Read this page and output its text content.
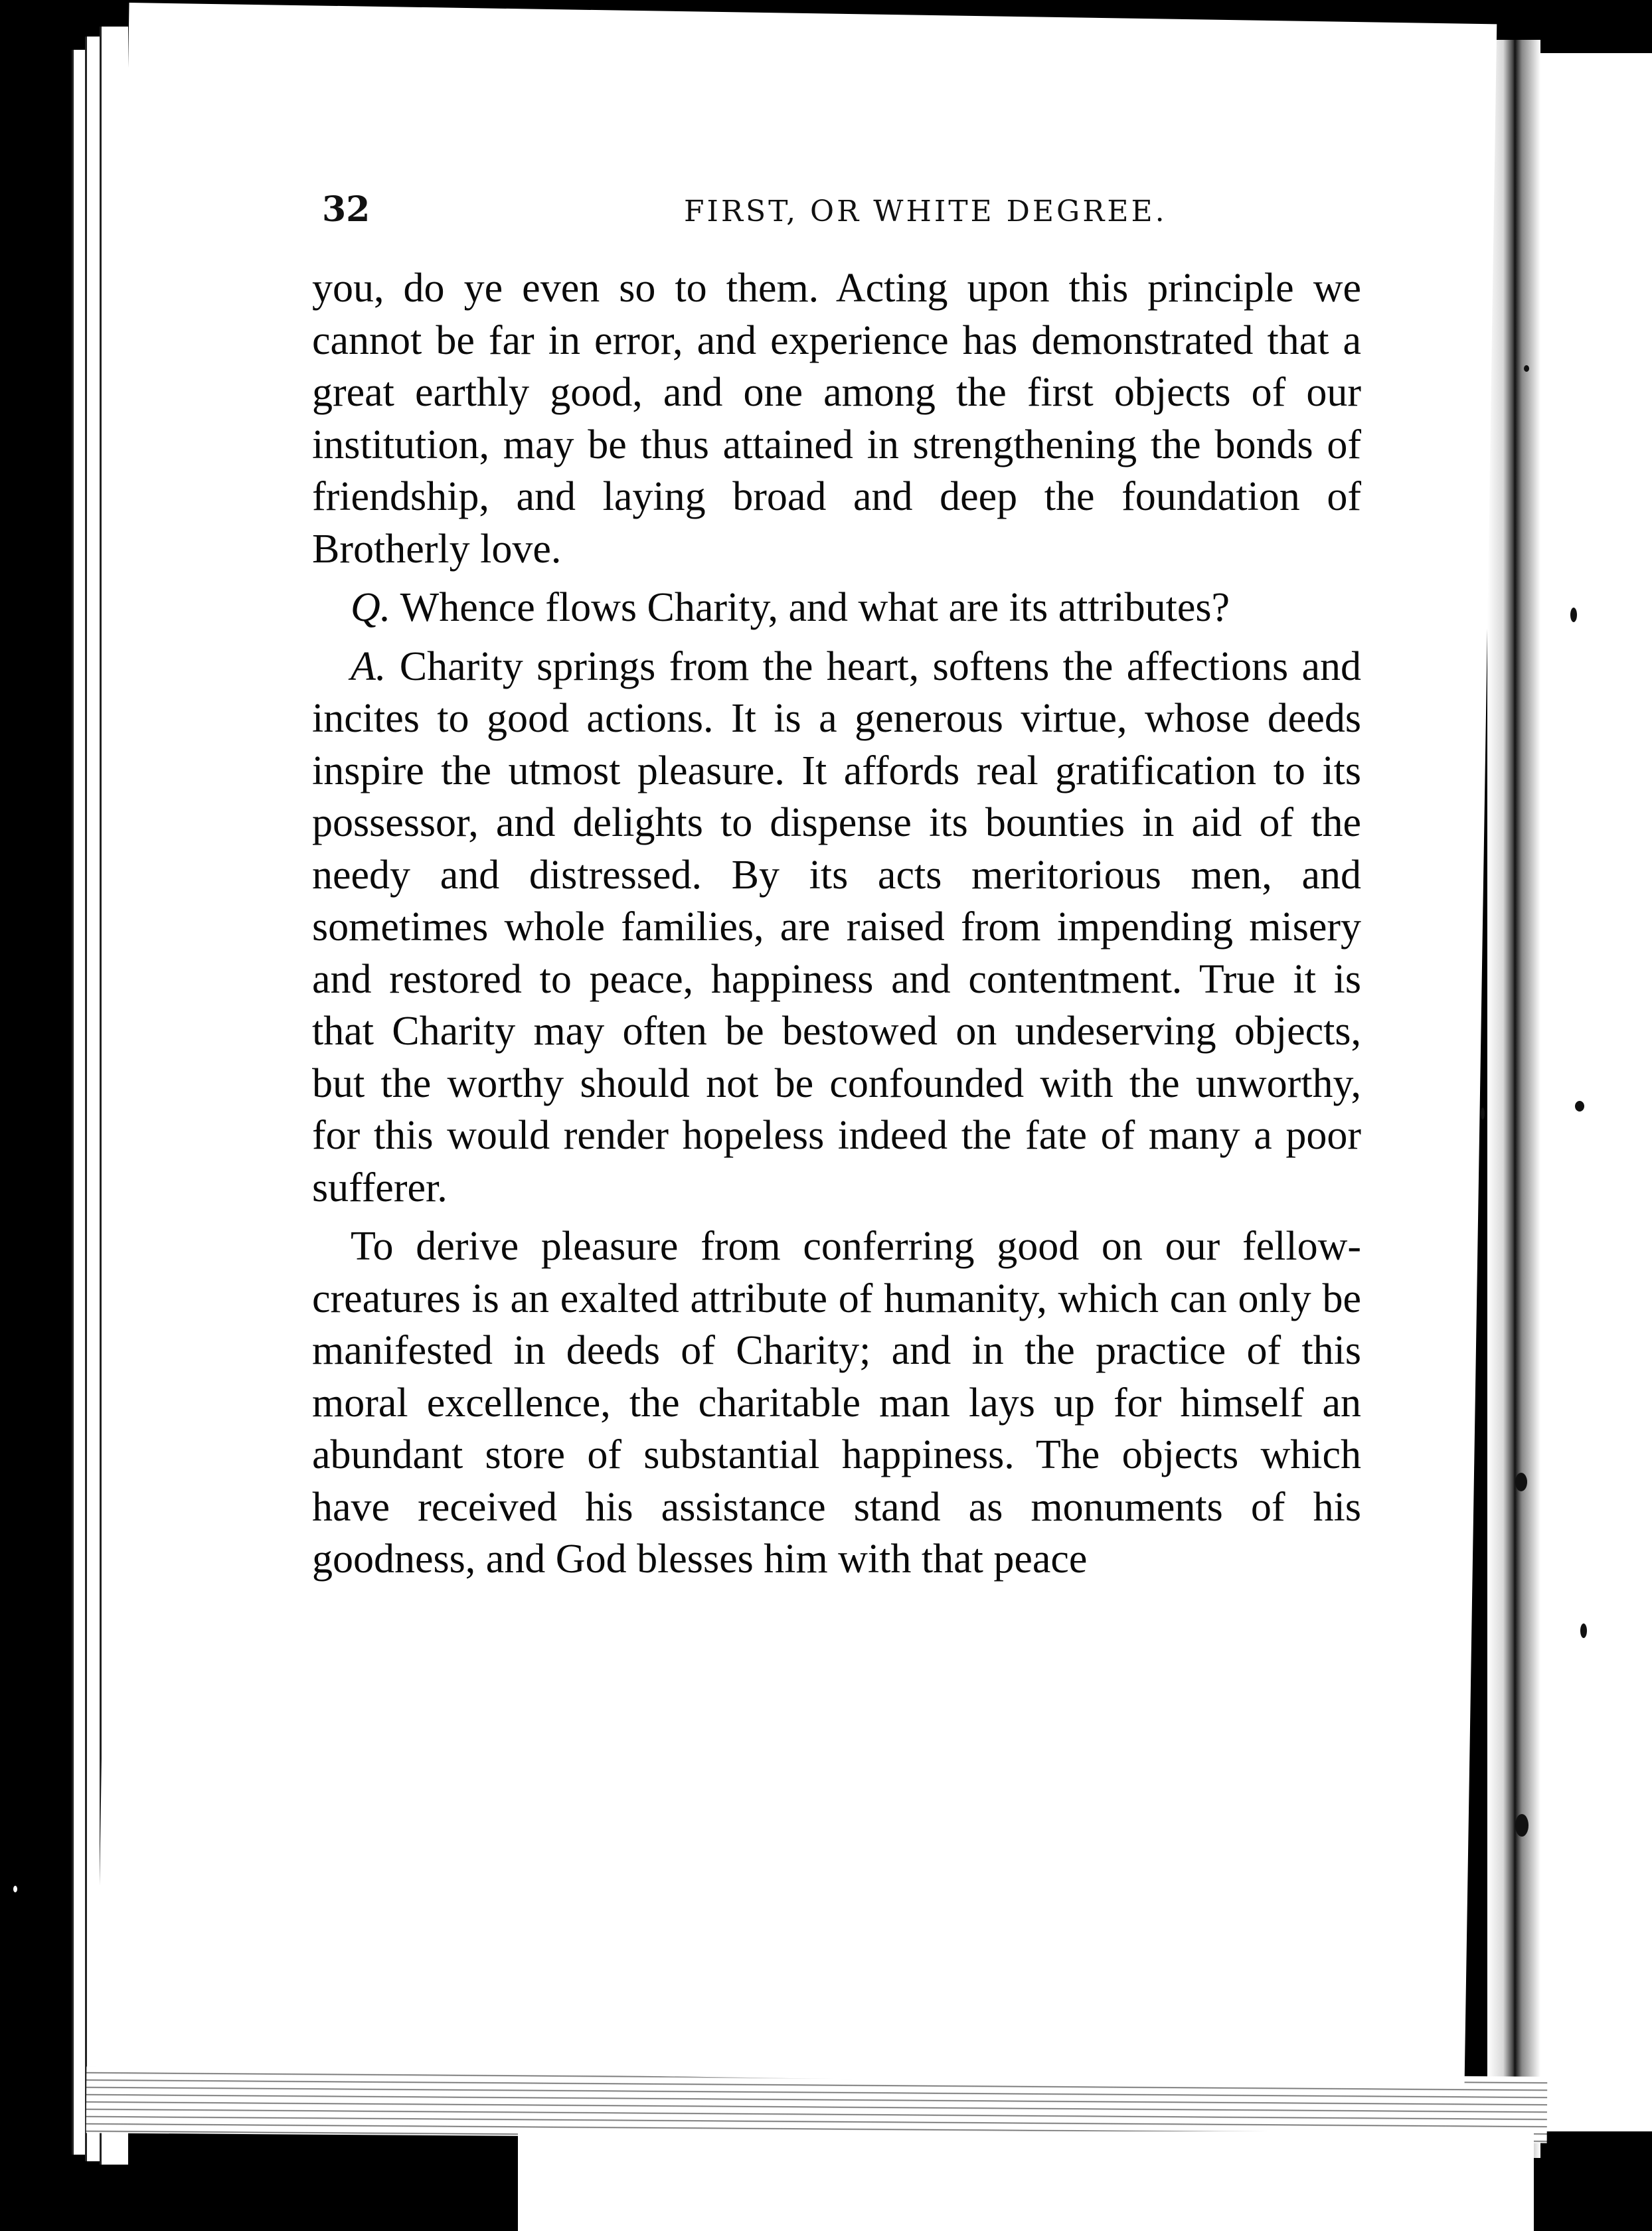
32	FIRST, OR WHITE DEGREE.

you, do ye even so to them. Acting upon this principle we cannot be far in error, and experience has demonstrated that a great earthly good, and one among the first objects of our institution, may be thus attained in strengthening the bonds of friendship, and laying broad and deep the foundation of Brotherly love.

Q. Whence flows Charity, and what are its attributes?

A. Charity springs from the heart, softens the affections and incites to good actions. It is a generous virtue, whose deeds inspire the utmost pleasure. It affords real gratification to its possessor, and delights to dispense its bounties in aid of the needy and distressed. By its acts meritorious men, and sometimes whole families, are raised from impending misery and restored to peace, happiness and contentment. True it is that Charity may often be bestowed on undeserving objects, but the worthy should not be confounded with the unworthy, for this would render hopeless indeed the fate of many a poor sufferer.

To derive pleasure from conferring good on our fellow-creatures is an exalted attribute of humanity, which can only be manifested in deeds of Charity; and in the practice of this moral excellence, the charitable man lays up for himself an abundant store of substantial happiness. The objects which have received his assistance stand as monuments of his goodness, and God blesses him with that peace
